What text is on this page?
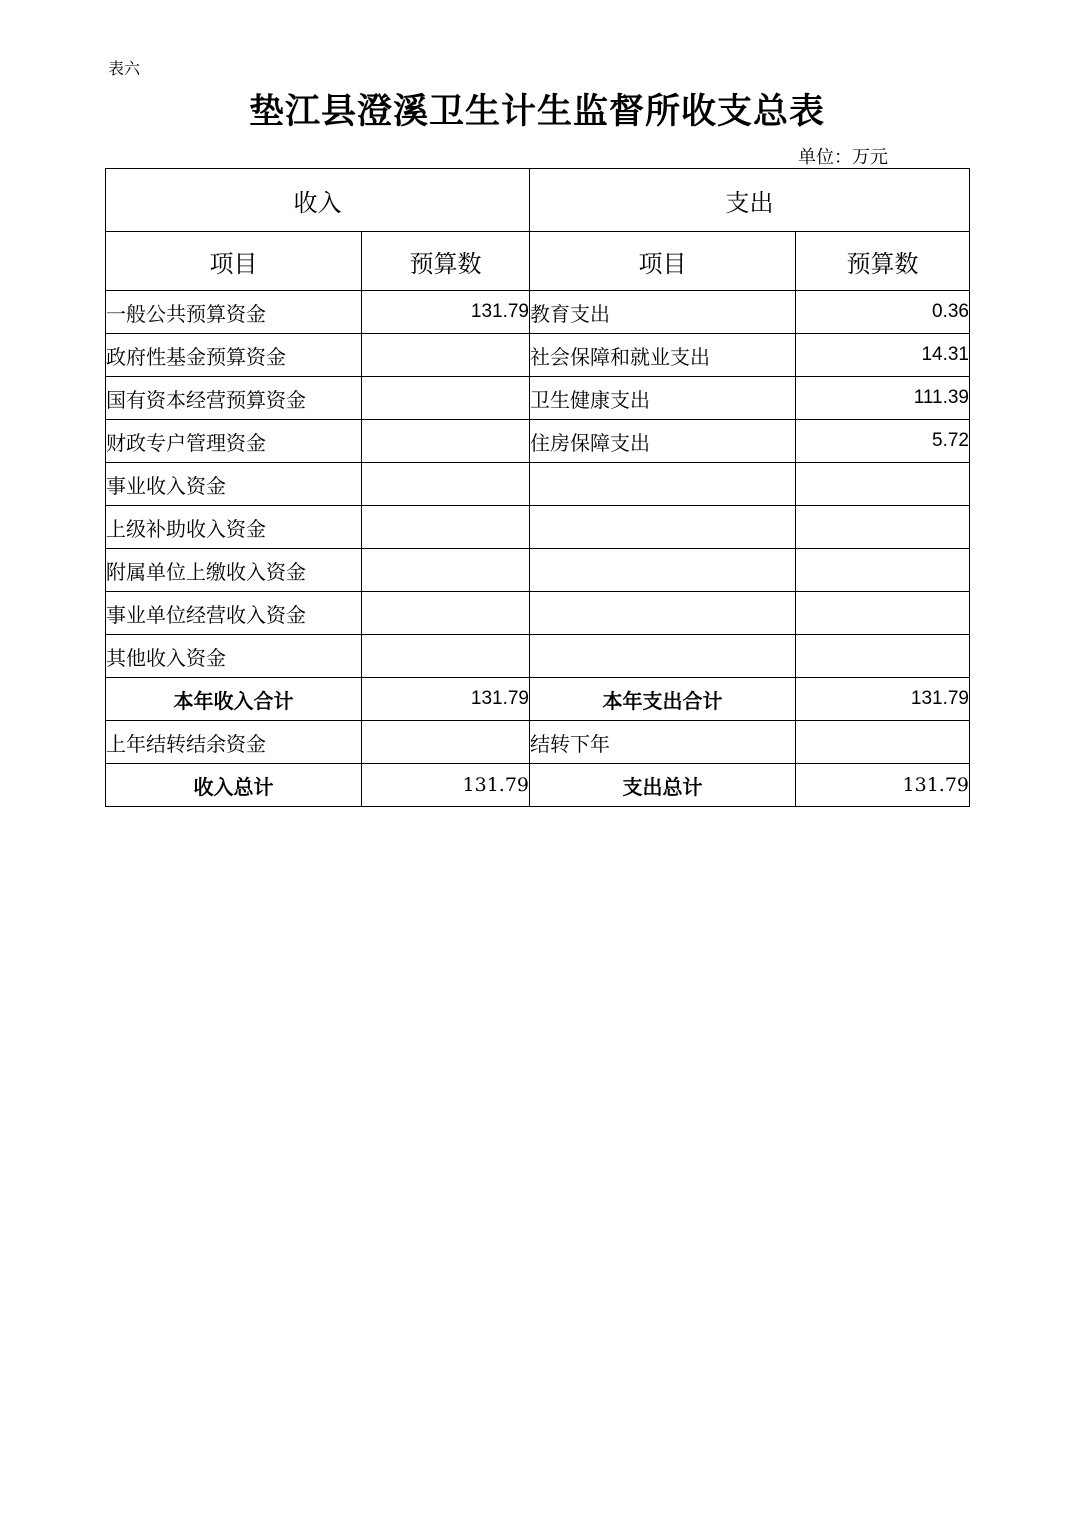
表六
垫江县澄溪卫生计生监督所收支总表
单位：万元
收入		支出	
项目	预算数	项目	预算数
一般公共预算资金	131.79	教育支出	0.36
政府性基金预算资金		社会保障和就业支出	14.31
国有资本经营预算资金		卫生健康支出	111.39
财政专户管理资金		住房保障支出	5.72
事业收入资金			
上级补助收入资金			
附属单位上缴收入资金			
事业单位经营收入资金			
其他收入资金			
本年收入合计	131.79	本年支出合计	131.79
上年结转结余资金		结转下年	
收入总计	131.79	支出总计	131.79
